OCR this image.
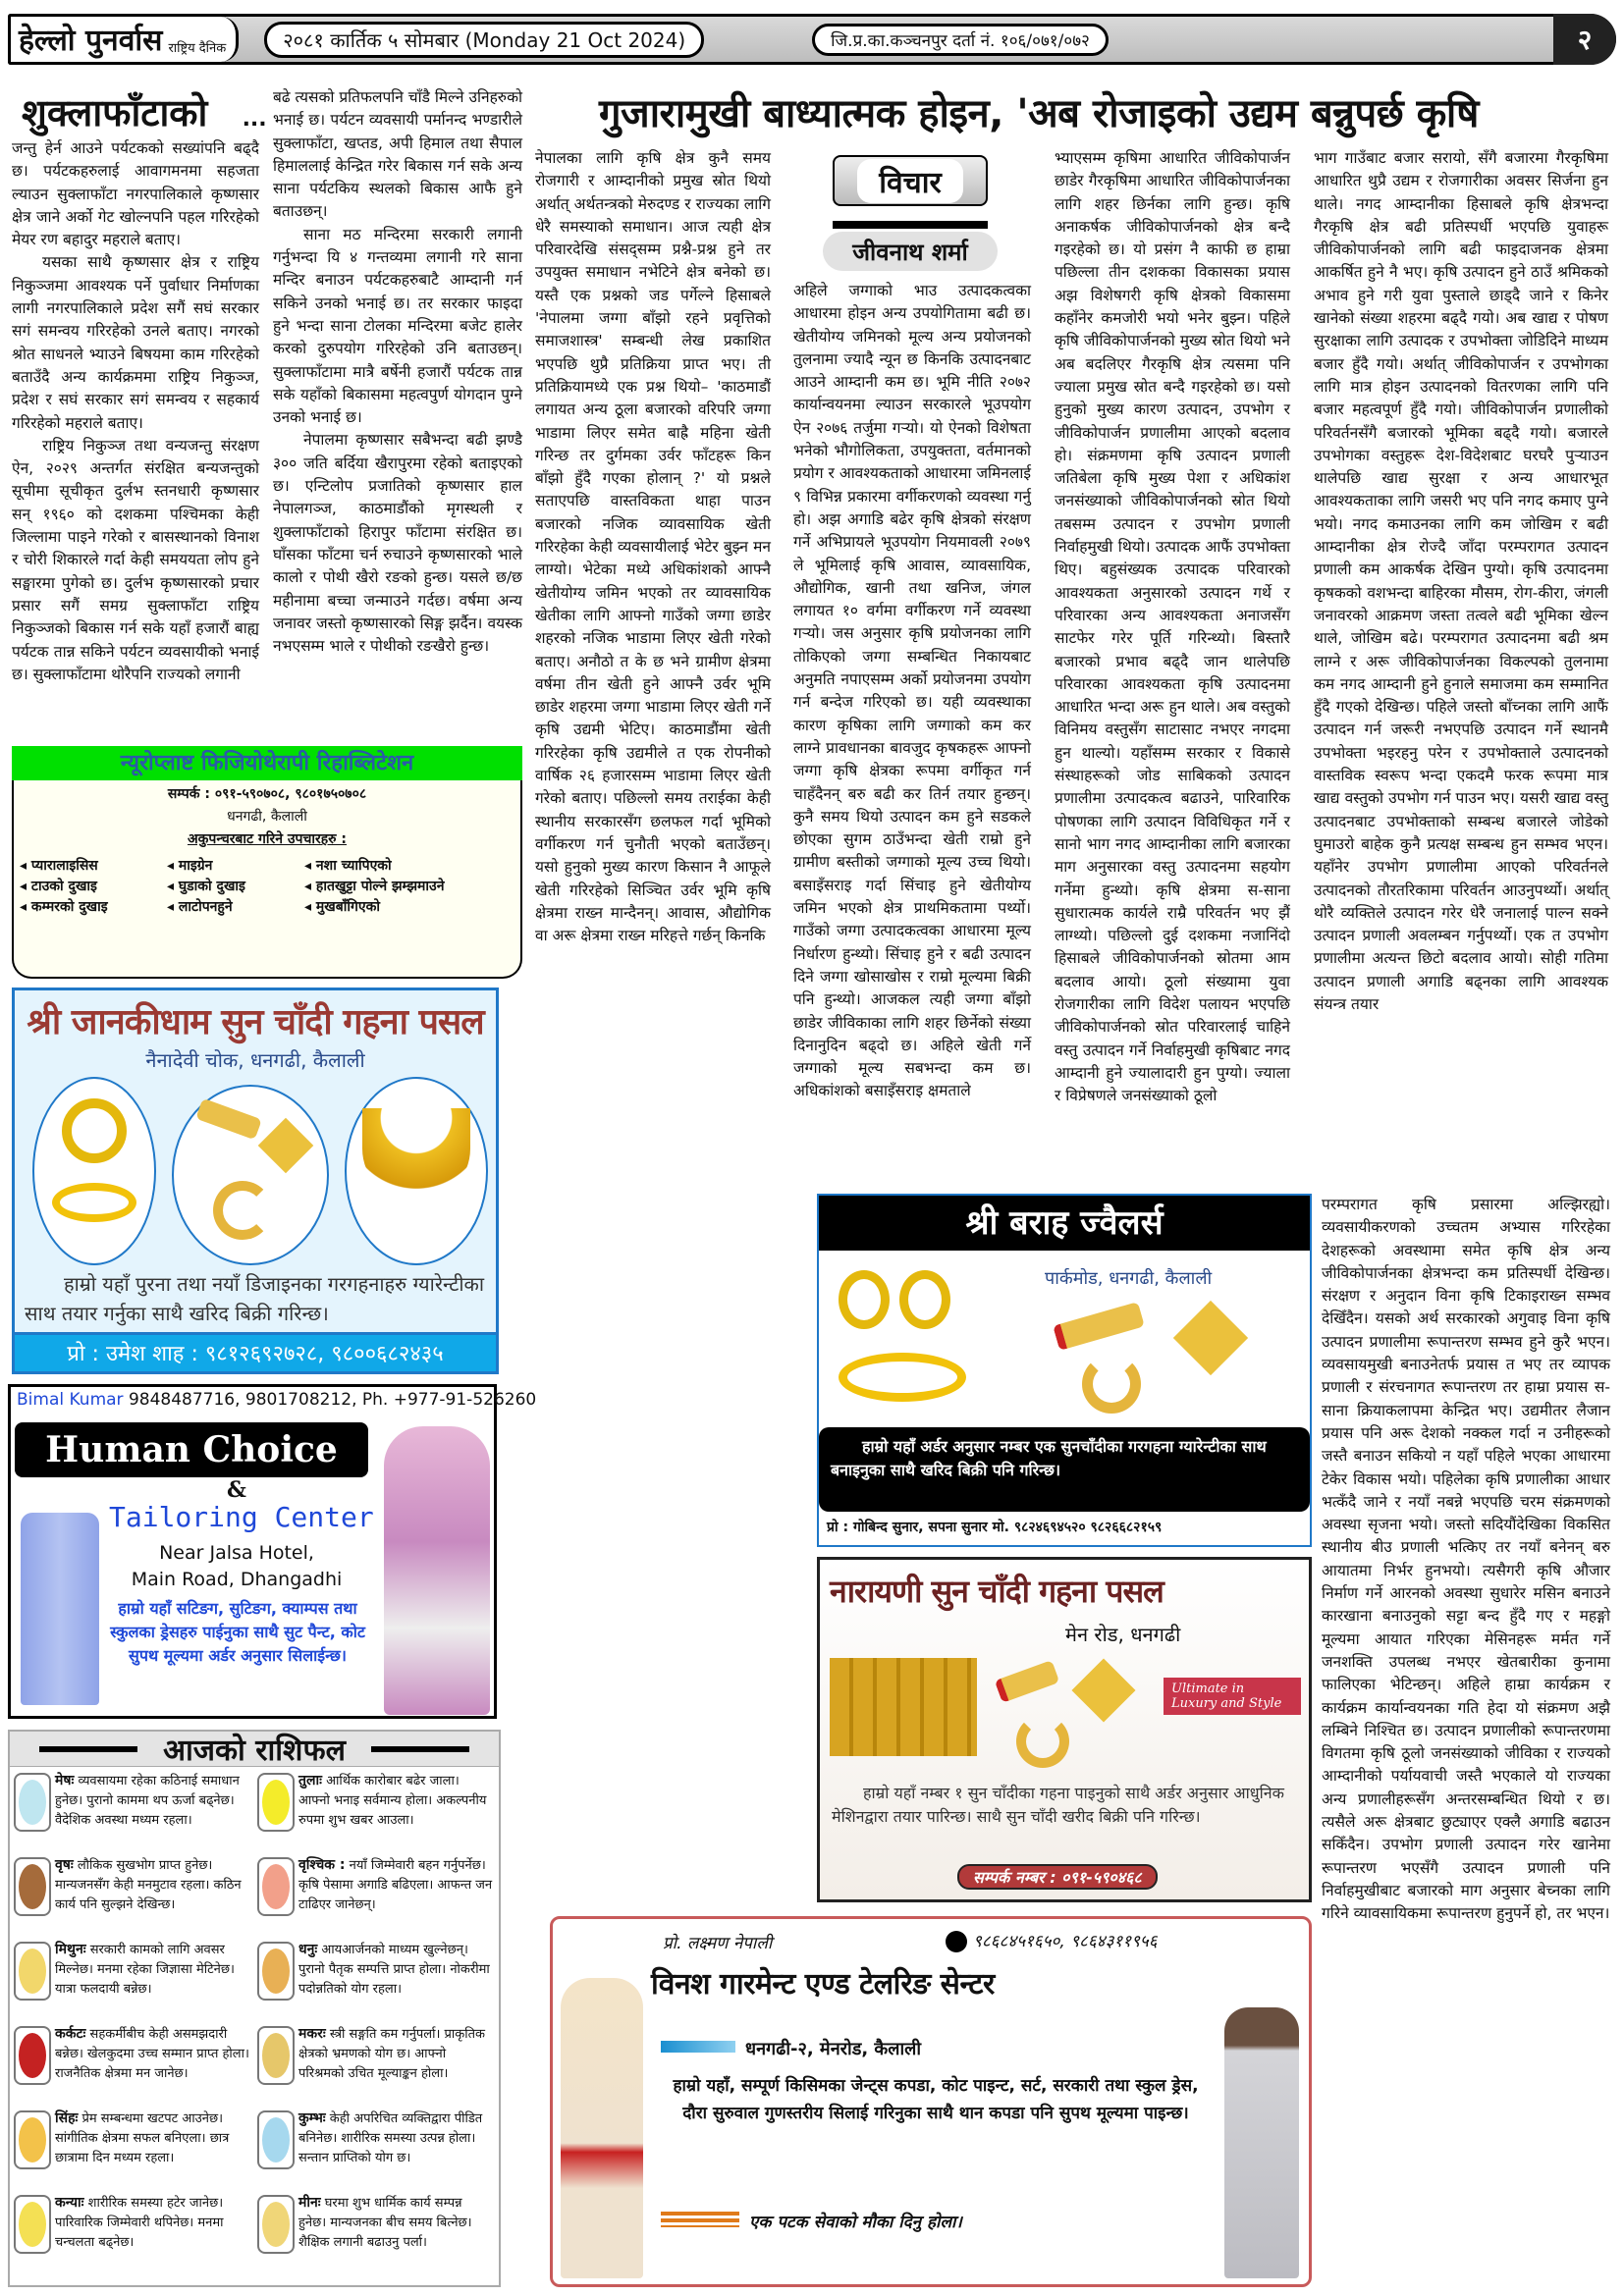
हेल्लो पुनर्वास राष्ट्रिय दैनिक	२०८१ कार्तिक ५ सोमबार (Monday 21 Oct 2024)	जि.प्र.का.कञ्चनपुर दर्ता नं. १०६/०७१/०७२	२
शुक्लाफाँटाको ...

जन्तु हेर्न आउने पर्यटकको सख्यांपनि बढ्दै छ। पर्यटकहरुलाई आवागमनमा सहजता ल्याउन सुक्लाफाँटा नगरपालिकाले कृष्णसार क्षेत्र जाने अर्को गेट खोल्नपनि पहल गरिरहेको मेयर रण बहादुर महराले बताए।

यसका साथै कृष्णसार क्षेत्र र राष्ट्रिय निकुञ्जमा आवश्यक पर्ने पुर्वाधार निर्माणका लागी नगरपालिकाले प्रदेश सगैं सघं सरकार सगं समन्वय गरिरहेको उनले बताए। नगरको श्रोत साधनले भ्याउने बिषयमा काम गरिरहेको बताउँदै अन्य कार्यक्रममा राष्ट्रिय निकुञ्ज, प्रदेश र सघं सरकार सगं समन्वय र सहकार्य गरिरहेको महराले बताए।

राष्ट्रिय निकुञ्ज तथा वन्यजन्तु संरक्षण ऐन, २०२९ अन्तर्गत संरक्षित बन्यजन्तुको सूचीमा सूचीकृत दुर्लभ स्तनधारी कृष्णसार सन् १९६० को दशकमा पश्चिमका केही जिल्लामा पाइने गरेको र बासस्थानको विनाश र चोरी शिकारले गर्दा केही समययता लोप हुने सङ्घारमा पुगेको छ। दुर्लभ कृष्णसारको प्रचार प्रसार सगैं समग्र सुक्लाफाँटा राष्ट्रिय निकुञ्जको बिकास गर्न सके यहाँ हजारौं बाह्य पर्यटक तान्न सकिने पर्यटन व्यवसायीको भनाई छ। सुक्लाफाँटामा थोरैपनि राज्यको लगानी

बढे त्यसको प्रतिफलपनि चाँडै मिल्ने उनिहरुको भनाई छ। पर्यटन व्यवसायी पर्मानन्द भण्डारीले सुक्लाफाँटा, खप्तड, अपी हिमाल तथा सैपाल हिमाललाई केन्द्रित गरेर बिकास गर्न सके अन्य साना पर्यटकिय स्थलको बिकास आफै हुने बताउछन्।

साना मठ मन्दिरमा सरकारी लगानी गर्नुभन्दा यि ४ गन्तव्यमा लगानी गरे साना मन्दिर बनाउन पर्यटकहरुबाटै आम्दानी गर्न सकिने उनको भनाई छ। तर सरकार फाइदा हुने भन्दा साना टोलका मन्दिरमा बजेट हालेर करको दुरुपयोग गरिरहेको उनि बताउछन्। सुक्लाफाँटामा मात्रै बर्षेनी हजारौं पर्यटक तान्न सके यहाँको बिकासमा महत्वपुर्ण योगदान पुग्ने उनको भनाई छ।

नेपालमा कृष्णसार सबैभन्दा बढी झण्डै ३०० जति बर्दिया खैरापुरमा रहेको बताइएको छ। एन्टिलोप प्रजातिको कृष्णसार हाल नेपालगञ्ज, काठमाडौंको मृगस्थली र शुक्लाफाँटाको हिरापुर फाँटामा संरक्षित छ। घाँसका फाँटमा चर्न रुचाउने कृष्णसारको भाले कालो र पोथी खैरो रङको हुन्छ। यसले छ/छ महीनामा बच्चा जन्माउने गर्दछ। वर्षमा अन्य जनावर जस्तो कृष्णसारको सिङ्ग झर्दैन। वयस्क नभएसम्म भाले र पोथीको रङखैरो हुन्छ।

गुजारामुखी बाध्यात्मक होइन, 'अब रोजाइको उद्यम बन्नुपर्छ कृषि
नेपालका लागि कृषि क्षेत्र कुनै समय रोजगारी र आम्दानीको प्रमुख स्रोत थियो अर्थात् अर्थतन्त्रको मेरुदण्ड र राज्यका लागि धेरै समस्याको समाधान। आज त्यही क्षेत्र परिवारदेखि संसद्सम्म प्रश्नै-प्रश्न हुने तर उपयुक्त समाधान नभेटिने क्षेत्र बनेको छ। यस्तै एक प्रश्नको जड पर्गेल्ने हिसाबले 'नेपालमा जग्गा बाँझो रहने प्रवृत्तिको समाजशास्त्र' सम्बन्धी लेख प्रकाशित भएपछि थुप्रै प्रतिक्रिया प्राप्त भए। ती प्रतिक्रियामध्ये एक प्रश्न थियो– 'काठमाडौं लगायत अन्य ठूला बजारको वरिपरि जग्गा भाडामा लिएर समेत बाह्रै महिना खेती गरिन्छ तर दुर्गमका उर्वर फाँटहरू किन बाँझो हुँदै गएका होलान् ?' यो प्रश्नले सताएपछि वास्तविकता थाहा पाउन बजारको नजिक व्यावसायिक खेती गरिरहेका केही व्यवसायीलाई भेटेर बुझ्न मन लाग्यो। भेटेका मध्ये अधिकांशको आफ्नै खेतीयोग्य जमिन भएको तर व्यावसायिक खेतीका लागि आफ्नो गाउँको जग्गा छाडेर शहरको नजिक भाडामा लिएर खेती गरेको बताए। अनौठो त के छ भने ग्रामीण क्षेत्रमा वर्षमा तीन खेती हुने आफ्नै उर्वर भूमि छाडेर शहरमा जग्गा भाडामा लिएर खेती गर्ने कृषि उद्यमी भेटिए। काठमाडौंमा खेती गरिरहेका कृषि उद्यमीले त एक रोपनीको वार्षिक २६ हजारसम्म भाडामा लिएर खेती गरेको बताए। पछिल्लो समय तराईका केही स्थानीय सरकारसँग छलफल गर्दा भूमिको वर्गीकरण गर्न चुनौती भएको बताउँछन्। यसो हुनुको मुख्य कारण किसान नै आफूले खेती गरिरहेको सिञ्चित उर्वर भूमि कृषि क्षेत्रमा राख्न मान्दैनन्। आवास, औद्योगिक वा अरू क्षेत्रमा राख्न मरिहत्ते गर्छन् किनकि
विचार
जीवनाथ शर्मा
अहिले जग्गाको भाउ उत्पादकत्वका आधारमा होइन अन्य उपयोगितामा बढी छ। खेतीयोग्य जमिनको मूल्य अन्य प्रयोजनको तुलनामा ज्यादै न्यून छ किनकि उत्पादनबाट आउने आम्दानी कम छ। भूमि नीति २०७२ कार्यान्वयनमा ल्याउन सरकारले भूउपयोग ऐन २०७६ तर्जुमा गर्‍यो। यो ऐनको विशेषता भनेको भौगोलिकता, उपयुक्तता, वर्तमानको प्रयोग र आवश्यकताको आधारमा जमिनलाई ९ विभिन्न प्रकारमा वर्गीकरणको व्यवस्था गर्नु हो। अझ अगाडि बढेर कृषि क्षेत्रको संरक्षण गर्ने अभिप्रायले भूउपयोग नियमावली २०७९ ले भूमिलाई कृषि आवास, व्यावसायिक, औद्योगिक, खानी तथा खनिज, जंगल लगायत १० वर्गमा वर्गीकरण गर्ने व्यवस्था गर्‍यो। जस अनुसार कृषि प्रयोजनका लागि तोकिएको जग्गा सम्बन्धित निकायबाट अनुमति नपाएसम्म अर्को प्रयोजनमा उपयोग गर्न बन्देज गरिएको छ। यही व्यवस्थाका कारण कृषिका लागि जग्गाको कम कर लाग्ने प्रावधानका बावजुद कृषकहरू आफ्नो जग्गा कृषि क्षेत्रका रूपमा वर्गीकृत गर्न चाहँदैनन् बरु बढी कर तिर्न तयार हुन्छन्। कुनै समय थियो उत्पादन कम हुने सडकले छोएका सुगम ठाउँभन्दा खेती राम्रो हुने ग्रामीण बस्तीको जग्गाको मूल्य उच्च थियो। बसाइँसराइ गर्दा सिंचाइ हुने खेतीयोग्य जमिन भएको क्षेत्र प्राथमिकतामा पर्थ्यो। गाउँको जग्गा उत्पादकत्वका आधारमा मूल्य निर्धारण हुन्थ्यो। सिंचाइ हुने र बढी उत्पादन दिने जग्गा खोसाखोस र राम्रो मूल्यमा बिक्री पनि हुन्थ्यो। आजकल त्यही जग्गा बाँझो छाडेर जीविकाका लागि शहर छिर्नेको संख्या दिनानुदिन बढ्दो छ। अहिले खेती गर्ने जग्गाको मूल्य सबभन्दा कम छ। अधिकांशको बसाइँसराइ क्षमताले
भ्याएसम्म कृषिमा आधारित जीविकोपार्जन छाडेर गैरकृषिमा आधारित जीविकोपार्जनका लागि शहर छिर्नका लागि हुन्छ। कृषि अनाकर्षक जीविकोपार्जनको क्षेत्र बन्दै गइरहेको छ। यो प्रसंग नै काफी छ हाम्रा पछिल्ला तीन दशकका विकासका प्रयास अझ विशेषगरी कृषि क्षेत्रको विकासमा कहाँनेर कमजोरी भयो भनेर बुझ्न। पहिले कृषि जीविकोपार्जनको मुख्य स्रोत थियो भने अब बदलिएर गैरकृषि क्षेत्र त्यसमा पनि ज्याला प्रमुख स्रोत बन्दै गइरहेको छ। यसो हुनुको मुख्य कारण उत्पादन, उपभोग र जीविकोपार्जन प्रणालीमा आएको बदलाव हो। संक्रमणमा कृषि उत्पादन प्रणाली जतिबेला कृषि मुख्य पेशा र अधिकांश जनसंख्याको जीविकोपार्जनको स्रोत थियो तबसम्म उत्पादन र उपभोग प्रणाली निर्वाहमुखी थियो। उत्पादक आफैं उपभोक्ता थिए। बहुसंख्यक उत्पादक परिवारको आवश्यकता अनुसारको उत्पादन गर्थे र परिवारका अन्य आवश्यकता अनाजसँग साटफेर गरेर पूर्ति गरिन्थ्यो। बिस्तारै बजारको प्रभाव बढ्दै जान थालेपछि परिवारका आवश्यकता कृषि उत्पादनमा आधारित भन्दा अरू हुन थाले। अब वस्तुको विनिमय वस्तुसँग साटासाट नभएर नगदमा हुन थाल्यो। यहाँसम्म सरकार र विकासे संस्थाहरूको जोड साबिकको उत्पादन प्रणालीमा उत्पादकत्व बढाउने, पारिवारिक पोषणका लागि उत्पादन विविधिकृत गर्ने र सानो भाग नगद आम्दानीका लागि बजारका माग अनुसारका वस्तु उत्पादनमा सहयोग गर्नेमा हुन्थ्यो। कृषि क्षेत्रमा स-साना सुधारात्मक कार्यले राम्रै परिवर्तन भए झैं लाग्थ्यो। पछिल्लो दुई दशकमा नजानिंदो हिसाबले जीविकोपार्जनको स्रोतमा आम बदलाव आयो। ठूलो संख्यामा युवा रोजगारीका लागि विदेश पलायन भएपछि जीविकोपार्जनको स्रोत परिवारलाई चाहिने वस्तु उत्पादन गर्ने निर्वाहमुखी कृषिबाट नगद आम्दानी हुने ज्यालादारी हुन पुग्यो। ज्याला र विप्रेषणले जनसंख्याको ठूलो
भाग गाउँबाट बजार सरायो, सँगै बजारमा गैरकृषिमा आधारित थुप्रै उद्यम र रोजगारीका अवसर सिर्जना हुन थाले। नगद आम्दानीका हिसाबले कृषि क्षेत्रभन्दा गैरकृषि क्षेत्र बढी प्रतिस्पर्धी भएपछि युवाहरू जीविकोपार्जनको लागि बढी फाइदाजनक क्षेत्रमा आकर्षित हुने नै भए। कृषि उत्पादन हुने ठाउँ श्रमिकको अभाव हुने गरी युवा पुस्ताले छाड्दै जाने र किनेर खानेको संख्या शहरमा बढ्दै गयो। अब खाद्य र पोषण सुरक्षाका लागि उत्पादक र उपभोक्ता जोडिदिने माध्यम बजार हुँदै गयो। अर्थात् जीविकोपार्जन र उपभोगका लागि मात्र होइन उत्पादनको वितरणका लागि पनि बजार महत्वपूर्ण हुँदै गयो। जीविकोपार्जन प्रणालीको परिवर्तनसँगै बजारको भूमिका बढ्दै गयो। बजारले उपभोगका वस्तुहरू देश-विदेशबाट घरघरै पुर्‍याउन थालेपछि खाद्य सुरक्षा र अन्य आधारभूत आवश्यकताका लागि जसरी भए पनि नगद कमाए पुग्ने भयो। नगद कमाउनका लागि कम जोखिम र बढी आम्दानीका क्षेत्र रोज्दै जाँदा परम्परागत उत्पादन प्रणाली कम आकर्षक देखिन पुग्यो। कृषि उत्पादनमा कृषकको वशभन्दा बाहिरका मौसम, रोग-कीरा, जंगली जनावरको आक्रमण जस्ता तत्वले बढी भूमिका खेल्न थाले, जोखिम बढे। परम्परागत उत्पादनमा बढी श्रम लाग्ने र अरू जीविकोपार्जनका विकल्पको तुलनामा कम नगद आम्दानी हुने हुनाले समाजमा कम सम्मानित हुँदै गएको देखिन्छ। पहिले जस्तो बाँच्नका लागि आफैं उत्पादन गर्न जरूरी नभएपछि उत्पादन गर्ने स्थानमै उपभोक्ता भइरहनु परेन र उपभोक्ताले उत्पादनको वास्तविक स्वरूप भन्दा एकदमै फरक रूपमा मात्र खाद्य वस्तुको उपभोग गर्न पाउन भए। यसरी खाद्य वस्तु उत्पादनबाट उपभोक्ताको सम्बन्ध बजारले जोडेको घुमाउरो बाहेक कुनै प्रत्यक्ष सम्बन्ध हुन सम्भव भएन। यहाँनेर उपभोग प्रणालीमा आएको परिवर्तनले उत्पादनको तौरतरिकामा परिवर्तन आउनुपर्थ्यो। अर्थात् थोरै व्यक्तिले उत्पादन गरेर धेरै जनालाई पाल्न सक्ने उत्पादन प्रणाली अवलम्बन गर्नुपर्थ्यो। एक त उपभोग प्रणालीमा अत्यन्त छिटो बदलाव आयो। सोही गतिमा उत्पादन प्रणाली अगाडि बढ्नका लागि आवश्यक संयन्त्र तयार
परम्परागत कृषि प्रसारमा अल्झिरह्यो। व्यवसायीकरणको उच्चतम अभ्यास गरिरहेका देशहरूको अवस्थामा समेत कृषि क्षेत्र अन्य जीविकोपार्जनका क्षेत्रभन्दा कम प्रतिस्पर्धी देखिन्छ। संरक्षण र अनुदान विना कृषि टिकाइराख्न सम्भव देखिँदैन। यसको अर्थ सरकारको अगुवाइ विना कृषि उत्पादन प्रणालीमा रूपान्तरण सम्भव हुने कुरै भएन। व्यवसायमुखी बनाउनेतर्फ प्रयास त भए तर व्यापक प्रणाली र संरचनागत रूपान्तरण तर हाम्रा प्रयास स-साना क्रियाकलापमा केन्द्रित भए। उद्यमीतर लैजान प्रयास पनि अरू देशको नक्कल गर्दा न उनीहरूको जस्तै बनाउन सकियो न यहाँ पहिले भएका आधारमा टेकेर विकास भयो। पहिलेका कृषि प्रणालीका आधार भत्कँदै जाने र नयाँ नबन्ने भएपछि चरम संक्रमणको अवस्था सृजना भयो। जस्तो सदियौंदेखिका विकसित स्थानीय बीउ प्रणाली भत्किए तर नयाँ बनेनन् बरु आयातमा निर्भर हुनभयो। त्यसैगरी कृषि औजार निर्माण गर्ने आरनको अवस्था सुधारेर मसिन बनाउने कारखाना बनाउनुको सट्टा बन्द हुँदै गए र महङ्गो मूल्यमा आयात गरिएका मेसिनहरू मर्मत गर्ने जनशक्ति उपलब्ध नभएर खेतबारीका कुनामा फालिएका भेटिन्छन्। अहिले हाम्रा कार्यक्रम र कार्यक्रम कार्यान्वयनका गति हेदा यो संक्रमण अझै लम्बिने निश्चित छ। उत्पादन प्रणालीको रूपान्तरणमा विगतमा कृषि ठूलो जनसंख्याको जीविका र राज्यको आम्दानीको पर्यायवाची जस्तै भएकाले यो राज्यका अन्य प्रणालीहरूसँग अन्तरसम्बन्धित थियो र छ। त्यसैले अरू क्षेत्रबाट छुट्याएर एक्लै अगाडि बढाउन सकिँदैन। उपभोग प्रणाली उत्पादन गरेर खानेमा रूपान्तरण भएसँगै उत्पादन प्रणाली पनि निर्वाहमुखीबाट बजारको माग अनुसार बेच्नका लागि गरिने व्यावसायिकमा रूपान्तरण हुनुपर्ने हो, तर भएन।
न्यूरोप्लाष्ट फिजियोथेरापी रिहाब्लिटेशन
सम्पर्क : ०९१-५९०७०८, ९८०१७५०७०८
धनगढी, कैलाली
अकुपन्चरबाट गरिने उपचारहरु :
◂ प्यारालाइसिस	◂ माइग्रेन	◂ नशा च्यापिएको
◂ टाउको दुखाइ	◂ घुडाको दुखाइ	◂ हातखुट्टा पोल्ने झम्झमाउने
◂ कम्मरको दुखाइ	◂ लाटोपनहुने	◂ मुखबाँगिएको
श्री जानकीधाम सुन चाँदी गहना पसल
नैनादेवी चोक, धनगढी, कैलाली
हाम्रो यहाँ पुरना तथा नयाँ डिजाइनका गरगहनाहरु ग्यारेन्टीका साथ तयार गर्नुका साथै खरिद बिक्री गरिन्छ।
प्रो : उमेश शाह : ९८१२६९२७२८, ९८००६८२४३५
Bimal Kumar 9848487716, 9801708212, Ph. +977-91-526260
Human Choice
&
Tailoring Center
Near Jalsa Hotel,
Main Road, Dhangadhi
हाम्रो यहाँ सटिङग, सुटिङग, क्याम्पस तथा स्कुलका ड्रेसहरु पाईनुका साथै सुट पैन्ट, कोट सुपथ मूल्यमा अर्डर अनुसार सिलाईन्छ।
आजको राशिफल
मेषः व्यवसायमा रहेका कठिनाई समाधान हुनेछ। पुरानो काममा थप ऊर्जा बढ्नेछ। वैदेशिक अवस्था मध्यम रहला।
वृषः लौकिक सुखभोग प्राप्त हुनेछ। मान्यजनसँग केही मनमुटाव रहला। कठिन कार्य पनि सुल्झने देखिन्छ।
मिथुनः सरकारी कामको लागि अवसर मिल्नेछ। मनमा रहेका जिज्ञासा मेटिनेछ। यात्रा फलदायी बन्नेछ।
कर्कटः सहकर्मीबीच केही असमझदारी बन्नेछ। खेलकुदमा उच्च सम्मान प्राप्त होला। राजनैतिक क्षेत्रमा मन जानेछ।
सिंहः प्रेम सम्बन्धमा खटपट आउनेछ। सांगीतिक क्षेत्रमा सफल बनिएला। छात्र छात्रामा दिन मध्यम रहला।
कन्याः शारीरिक समस्या हटेर जानेछ। पारिवारिक जिम्मेवारी थपिनेछ। मनमा चन्चलता बढ्नेछ।
तुलाः आर्थिक कारोबार बढेर जाला। आफ्नो भनाइ सर्वमान्य होला। अकल्पनीय रुपमा शुभ खबर आउला।
वृश्चिक : नयाँ जिम्मेवारी बहन गर्नुपर्नेछ। कृषि पेसामा अगाडि बढिएला। आफन्त जन टाढिएर जानेछन्।
धनुः आयआर्जनको माध्यम खुल्नेछन्। पुरानो पैतृक सम्पत्ति प्राप्त होला। नोकरीमा पदोन्नतिको योग रहला।
मकरः स्त्री सङ्गति कम गर्नुपर्ला। प्राकृतिक क्षेत्रको भ्रमणको योग छ। आफ्नो परिश्रमको उचित मूल्याङ्कन होला।
कुम्भः केही अपरिचित व्यक्तिद्वारा पीडित बनिनेछ। शारीरिक समस्या उत्पन्न होला। सन्तान प्राप्तिको योग छ।
मीनः घरमा शुभ धार्मिक कार्य सम्पन्न हुनेछ। मान्यजनका बीच समय बित्नेछ। शैक्षिक लगानी बढाउनु पर्ला।
श्री बराह ज्वैलर्स
पार्कमोड, धनगढी, कैलाली
हाम्रो यहाँ अर्डर अनुसार नम्बर एक सुनचाँदीका गरगहना ग्यारेन्टीका साथ बनाइनुका साथै खरिद बिक्री पनि गरिन्छ।
प्रो : गोबिन्द सुनार, सपना सुनार मो. ९८२४६९४५२० ९८२६६८२१५९
नारायणी सुन चाँदी गहना पसल
मेन रोड, धनगढी
Ultimate in Luxury and Style
हाम्रो यहाँ नम्बर १ सुन चाँदीका गहना पाइनुको साथै अर्डर अनुसार आधुनिक मेशिनद्वारा तयार पारिन्छ। साथै सुन चाँदी खरीद बिक्री पनि गरिन्छ।
सम्पर्क नम्बर : ०९१-५९०४६८
प्रो. लक्ष्मण नेपाली	९८६८४५१६५०, ९८६४३११९५६
विनश गारमेन्ट एण्ड टेलरिङ सेन्टर
धनगढी-२, मेनरोड, कैलाली
हाम्रो यहाँ, सम्पूर्ण किसिमका जेन्ट्स कपडा, कोट पाइन्ट, सर्ट, सरकारी तथा स्कुल ड्रेस, दौरा सुरुवाल गुणस्तरीय सिलाई गरिनुका साथै थान कपडा पनि सुपथ मूल्यमा पाइन्छ।
एक पटक सेवाको मौका दिनु होला।
